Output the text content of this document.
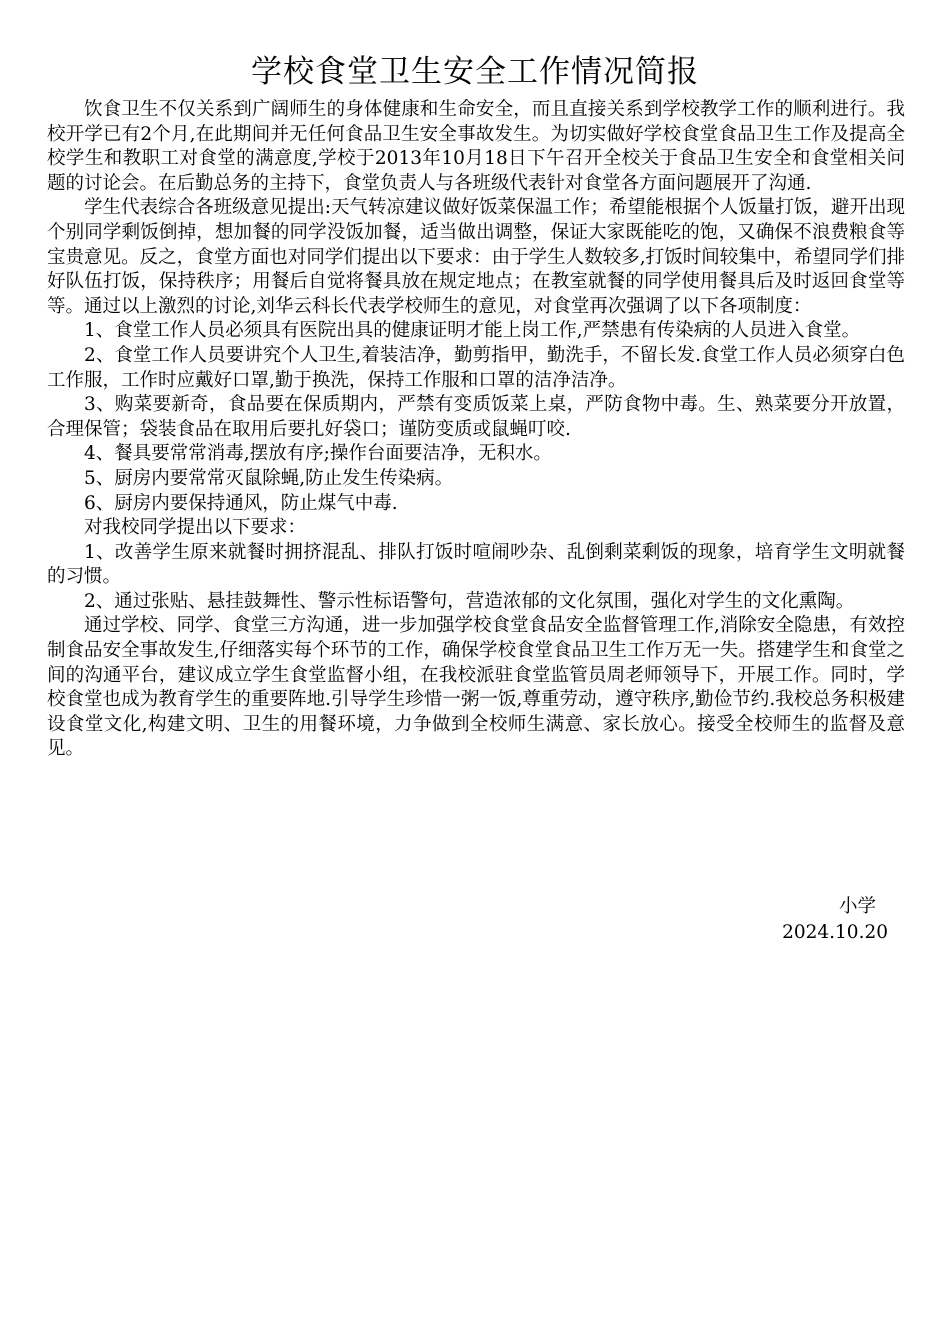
学校食堂卫生安全工作情况简报

饮食卫生不仅关系到广阔师生的身体健康和生命安全，而且直接关系到学校教学工作的顺利进行。我校开学已有2个月,在此期间并无任何食品卫生安全事故发生。为切实做好学校食堂食品卫生工作及提高全校学生和教职工对食堂的满意度,学校于2013年10月18日下午召开全校关于食品卫生安全和食堂相关问题的讨论会。在后勤总务的主持下，食堂负责人与各班级代表针对食堂各方面问题展开了沟通.

学生代表综合各班级意见提出:天气转凉建议做好饭菜保温工作；希望能根据个人饭量打饭，避开出现个别同学剩饭倒掉，想加餐的同学没饭加餐，适当做出调整，保证大家既能吃的饱，又确保不浪费粮食等宝贵意见。反之，食堂方面也对同学们提出以下要求：由于学生人数较多,打饭时间较集中，希望同学们排好队伍打饭，保持秩序；用餐后自觉将餐具放在规定地点；在教室就餐的同学使用餐具后及时返回食堂等等。通过以上激烈的讨论,刘华云科长代表学校师生的意见，对食堂再次强调了以下各项制度：

1、食堂工作人员必须具有医院出具的健康证明才能上岗工作,严禁患有传染病的人员进入食堂。

2、食堂工作人员要讲究个人卫生,着装洁净，勤剪指甲，勤洗手，不留长发.食堂工作人员必须穿白色工作服，工作时应戴好口罩,勤于换洗，保持工作服和口罩的洁净洁净。

3、购菜要新奇，食品要在保质期内，严禁有变质饭菜上桌，严防食物中毒。生、熟菜要分开放置，合理保管；袋装食品在取用后要扎好袋口；谨防变质或鼠蝇叮咬.

4、餐具要常常消毒,摆放有序;操作台面要洁净，无积水。

5、厨房内要常常灭鼠除蝇,防止发生传染病。

6、厨房内要保持通风，防止煤气中毒.

对我校同学提出以下要求：

1、改善学生原来就餐时拥挤混乱、排队打饭时喧闹吵杂、乱倒剩菜剩饭的现象，培育学生文明就餐的习惯。

2、通过张贴、悬挂鼓舞性、警示性标语警句，营造浓郁的文化氛围，强化对学生的文化熏陶。

通过学校、同学、食堂三方沟通，进一步加强学校食堂食品安全监督管理工作,消除安全隐患，有效控制食品安全事故发生,仔细落实每个环节的工作，确保学校食堂食品卫生工作万无一失。搭建学生和食堂之间的沟通平台，建议成立学生食堂监督小组，在我校派驻食堂监管员周老师领导下，开展工作。同时，学校食堂也成为教育学生的重要阵地.引导学生珍惜一粥一饭,尊重劳动，遵守秩序,勤俭节约.我校总务积极建设食堂文化,构建文明、卫生的用餐环境，力争做到全校师生满意、家长放心。接受全校师生的监督及意见。

小学
2024.10.20
